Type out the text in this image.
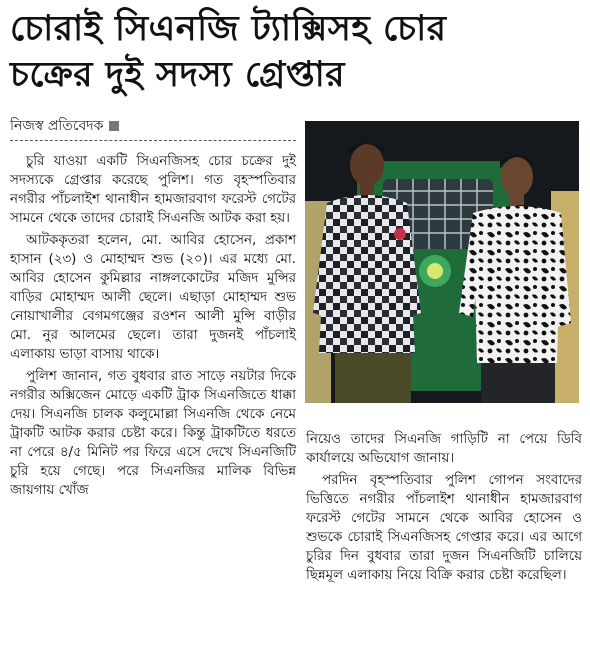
চোরাই সিএনজি ট্যাক্সিসহ চোর
চক্রের দুই সদস্য গ্রেপ্তার
নিজস্ব প্রতিবেদক

চুরি যাওয়া একটি সিএনজিসহ চোর চক্রের দুই সদস্যকে গ্রেপ্তার করেছে পুলিশ। গত বৃহস্পতিবার নগরীর পাঁচলাইশ থানাধীন হামজারবাগ ফরেস্ট গেটের সামনে থেকে তাদের চোরাই সিএনজি আটক করা হয়।

আটককৃতরা হলেন, মো. আবির হোসেন, প্রকাশ হাসান (২৩) ও মোহাম্মদ শুভ (২০)। এর মধ্যে মো. আবির হোসেন কুমিল্লার নাঙ্গলকোটের মজিদ মুন্সির বাড়ির মোহাম্মদ আলী ছেলে। এছাড়া মোহাম্মদ শুভ নোয়াখালীর বেগমগঞ্জের রওশন আলী মুন্সি বাড়ীর মো. নুর আলমের ছেলে। তারা দুজনই পাঁচলাই এলাকায় ভাড়া বাসায় থাকে।

পুলিশ জানান, গত বুধবার রাত সাড়ে নয়টার দিকে নগরীর অক্সিজেন মোড়ে একটি ট্রাক সিএনজিতে ধাক্কা দেয়। সিএনজি চালক কলুমোল্লা সিএনজি থেকে নেমে ট্রাকটি আটক করার চেষ্টা করে। কিন্তু ট্রাকটিতে ধরতে না পেরে ৪/৫ মিনিট পর ফিরে এসে দেখে সিএনজিটি চুরি হয়ে গেছে। পরে সিএনজির মালিক বিভিন্ন জায়গায় খোঁজ

নিয়েও তাদের সিএনজি গাড়িটি না পেয়ে ডিবি কার্যালয়ে অভিযোগ জানায়।

পরদিন বৃহস্পতিবার পুলিশ গোপন সংবাদের ভিত্তিতে নগরীর পাঁচলাইশ থানাধীন হামজারবাগ ফরেস্ট গেটের সামনে থেকে আবির হোসেন ও শুভকে চোরাই সিএনজিসহ গেপ্তার করে। এর আগে চুরির দিন বুধবার তারা দুজন সিএনজিটি চালিয়ে ছিন্নমূল এলাকায় নিয়ে বিক্রি করার চেষ্টা করেছিল।
